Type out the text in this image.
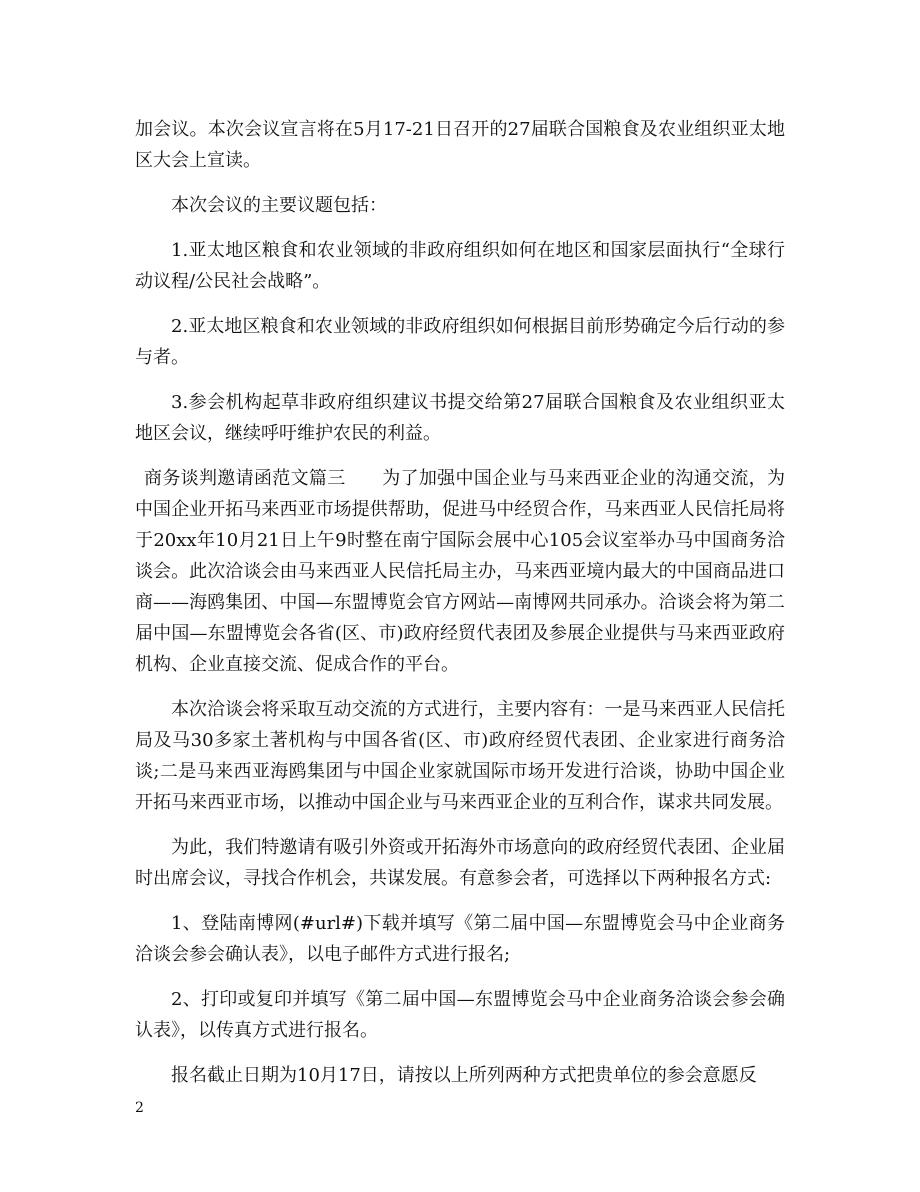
加会议。本次会议宣言将在5月17-21日召开的27届联合国粮食及农业组织亚太地区大会上宣读。

本次会议的主要议题包括：

1.亚太地区粮食和农业领域的非政府组织如何在地区和国家层面执行“全球行动议程/公民社会战略”。

2.亚太地区粮食和农业领域的非政府组织如何根据目前形势确定今后行动的参与者。

3.参会机构起草非政府组织建议书提交给第27届联合国粮食及农业组织亚太地区会议，继续呼吁维护农民的利益。

商务谈判邀请函范文篇三　　为了加强中国企业与马来西亚企业的沟通交流，为中国企业开拓马来西亚市场提供帮助，促进马中经贸合作，马来西亚人民信托局将于20xx年10月21日上午9时整在南宁国际会展中心105会议室举办马中国商务洽谈会。此次洽谈会由马来西亚人民信托局主办，马来西亚境内最大的中国商品进口商——海鸥集团、中国—东盟博览会官方网站—南博网共同承办。洽谈会将为第二届中国—东盟博览会各省(区、市)政府经贸代表团及参展企业提供与马来西亚政府机构、企业直接交流、促成合作的平台。

本次洽谈会将采取互动交流的方式进行，主要内容有：一是马来西亚人民信托局及马30多家土著机构与中国各省(区、市)政府经贸代表团、企业家进行商务洽谈;二是马来西亚海鸥集团与中国企业家就国际市场开发进行洽谈，协助中国企业开拓马来西亚市场，以推动中国企业与马来西亚企业的互利合作，谋求共同发展。

为此，我们特邀请有吸引外资或开拓海外市场意向的政府经贸代表团、企业届时出席会议，寻找合作机会，共谋发展。有意参会者，可选择以下两种报名方式:

1、登陆南博网(#url#)下载并填写《第二届中国—东盟博览会马中企业商务洽谈会参会确认表》，以电子邮件方式进行报名;

2、打印或复印并填写《第二届中国—东盟博览会马中企业商务洽谈会参会确认表》，以传真方式进行报名。

报名截止日期为10月17日，请按以上所列两种方式把贵单位的参会意愿反

2
